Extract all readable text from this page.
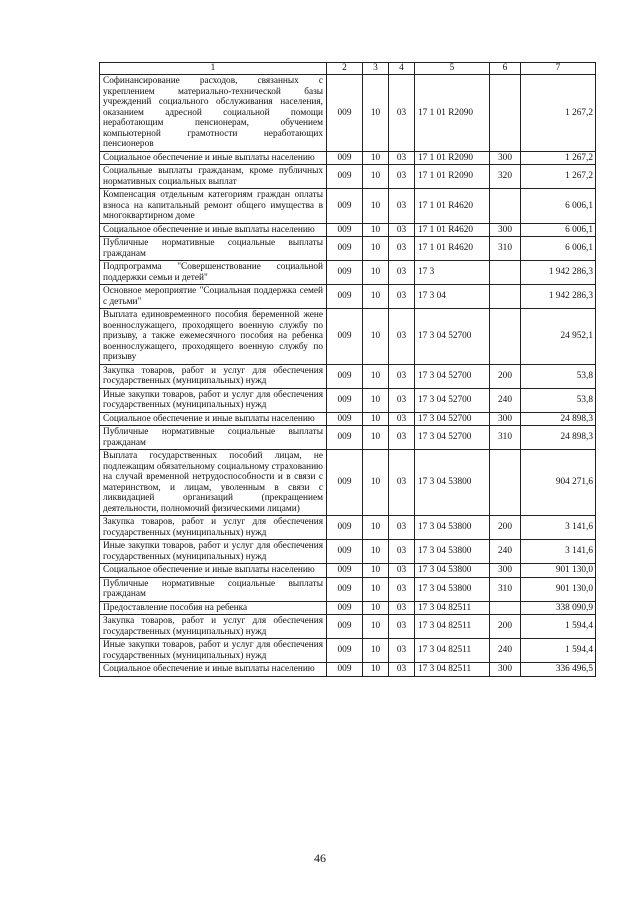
1	2	3	4	5	6	7
Софинансирование расходов, связанных с укреплением материально-технической базы учреждений социального обслуживания населения, оказанием адресной социальной помощи неработающим пенсионерам, обучением компьютерной грамотности неработающих пенсионеров	009	10	03	17 1 01 R2090		1 267,2
Социальное обеспечение и иные выплаты населению	009	10	03	17 1 01 R2090	300	1 267,2
Социальные выплаты гражданам, кроме публичных нормативных социальных выплат	009	10	03	17 1 01 R2090	320	1 267,2
Компенсация отдельным категориям граждан оплаты взноса на капитальный ремонт общего имущества в многоквартирном доме	009	10	03	17 1 01 R4620		6 006,1
Социальное обеспечение и иные выплаты населению	009	10	03	17 1 01 R4620	300	6 006,1
Публичные нормативные социальные выплаты гражданам	009	10	03	17 1 01 R4620	310	6 006,1
Подпрограмма "Совершенствование социальной поддержки семьи и детей"	009	10	03	17 3		1 942 286,3
Основное мероприятие "Социальная поддержка семей с детьми"	009	10	03	17 3 04		1 942 286,3
Выплата единовременного пособия беременной жене военнослужащего, проходящего военную службу по призыву, а также ежемесячного пособия на ребенка военнослужащего, проходящего военную службу по призыву	009	10	03	17 3 04 52700		24 952,1
Закупка товаров, работ и услуг для обеспечения государственных (муниципальных) нужд	009	10	03	17 3 04 52700	200	53,8
Иные закупки товаров, работ и услуг для обеспечения государственных (муниципальных) нужд	009	10	03	17 3 04 52700	240	53,8
Социальное обеспечение и иные выплаты населению	009	10	03	17 3 04 52700	300	24 898,3
Публичные нормативные социальные выплаты гражданам	009	10	03	17 3 04 52700	310	24 898,3
Выплата государственных пособий лицам, не подлежащим обязательному социальному страхованию на случай временной нетрудоспособности и в связи с материнством, и лицам, уволенным в связи с ликвидацией организаций (прекращением деятельности, полномочий физическими лицами)	009	10	03	17 3 04 53800		904 271,6
Закупка товаров, работ и услуг для обеспечения государственных (муниципальных) нужд	009	10	03	17 3 04 53800	200	3 141,6
Иные закупки товаров, работ и услуг для обеспечения государственных (муниципальных) нужд	009	10	03	17 3 04 53800	240	3 141,6
Социальное обеспечение и иные выплаты населению	009	10	03	17 3 04 53800	300	901 130,0
Публичные нормативные социальные выплаты гражданам	009	10	03	17 3 04 53800	310	901 130,0
Предоставление пособия на ребенка	009	10	03	17 3 04 82511		338 090,9
Закупка товаров, работ и услуг для обеспечения государственных (муниципальных) нужд	009	10	03	17 3 04 82511	200	1 594,4
Иные закупки товаров, работ и услуг для обеспечения государственных (муниципальных) нужд	009	10	03	17 3 04 82511	240	1 594,4
Социальное обеспечение и иные выплаты населению	009	10	03	17 3 04 82511	300	336 496,5
46
